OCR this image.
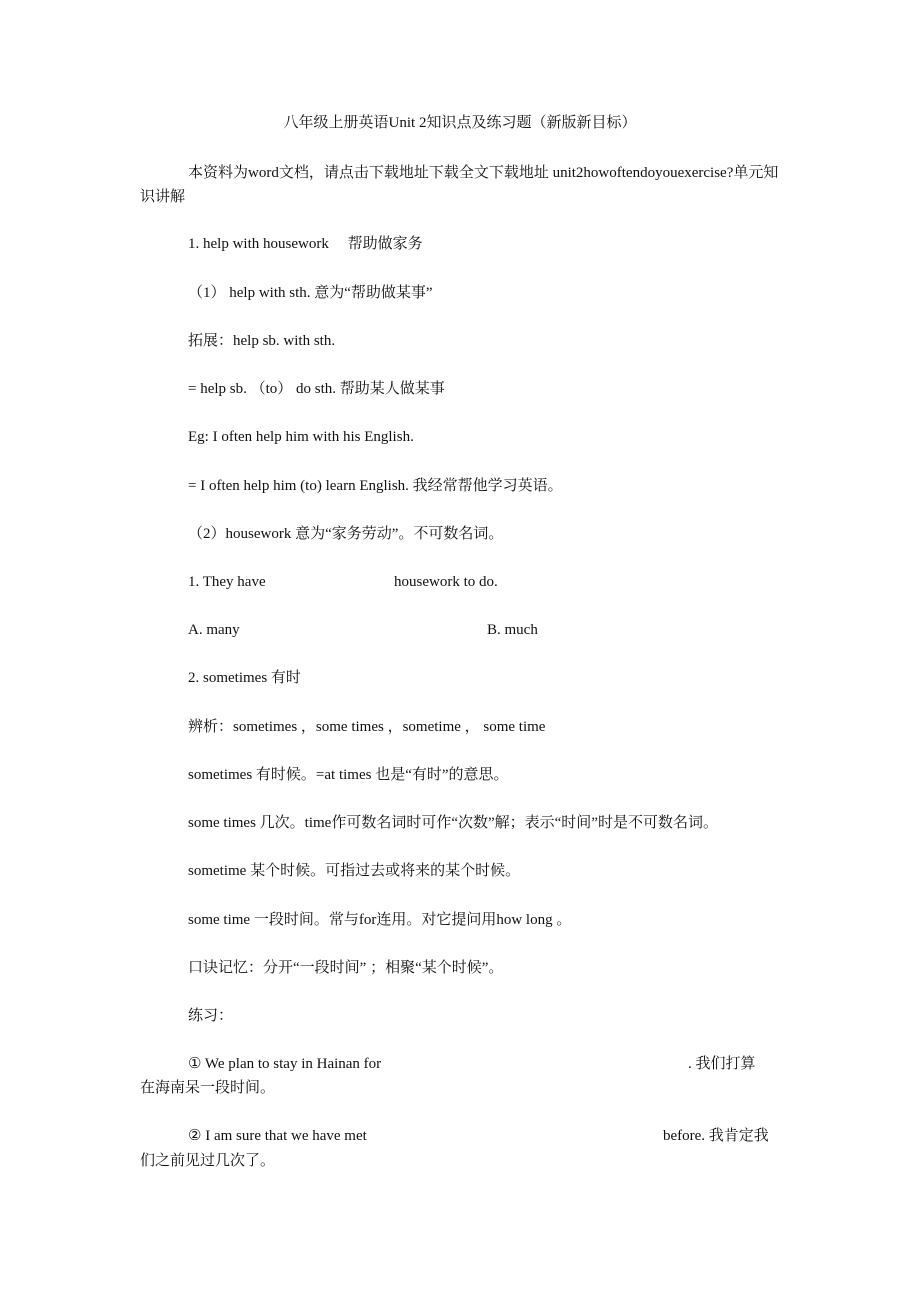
八年级上册英语Unit 2知识点及练习题（新版新目标）
本资料为word文档，请点击下载地址下载全文下载地址 unit2howoftendoyouexercise?单元知识讲解
1. help with housework　 帮助做家务
（1） help with sth. 意为“帮助做某事”
拓展：help sb. with sth.
= help sb. （to） do sth. 帮助某人做某事
Eg: I often help him with his English.
= I often help him (to) learn English. 我经常帮他学习英语。
（2）housework 意为“家务劳动”。不可数名词。
1. They have	housework to do.
A. many	B. much
2. sometimes 有时
辨析：sometimes ，some times ，sometime ， some time
sometimes 有时候。=at times 也是“有时”的意思。
some times 几次。time作可数名词时可作“次数”解；表示“时间”时是不可数名词。
sometime 某个时候。可指过去或将来的某个时候。
some time 一段时间。常与for连用。对它提问用how long 。
口诀记忆：分开“一段时间” ；相聚“某个时候”。
练习：
① We plan to stay in Hainan for	. 我们打算
在海南呆一段时间。
② I am sure that we have met	before. 我肯定我
们之前见过几次了。
